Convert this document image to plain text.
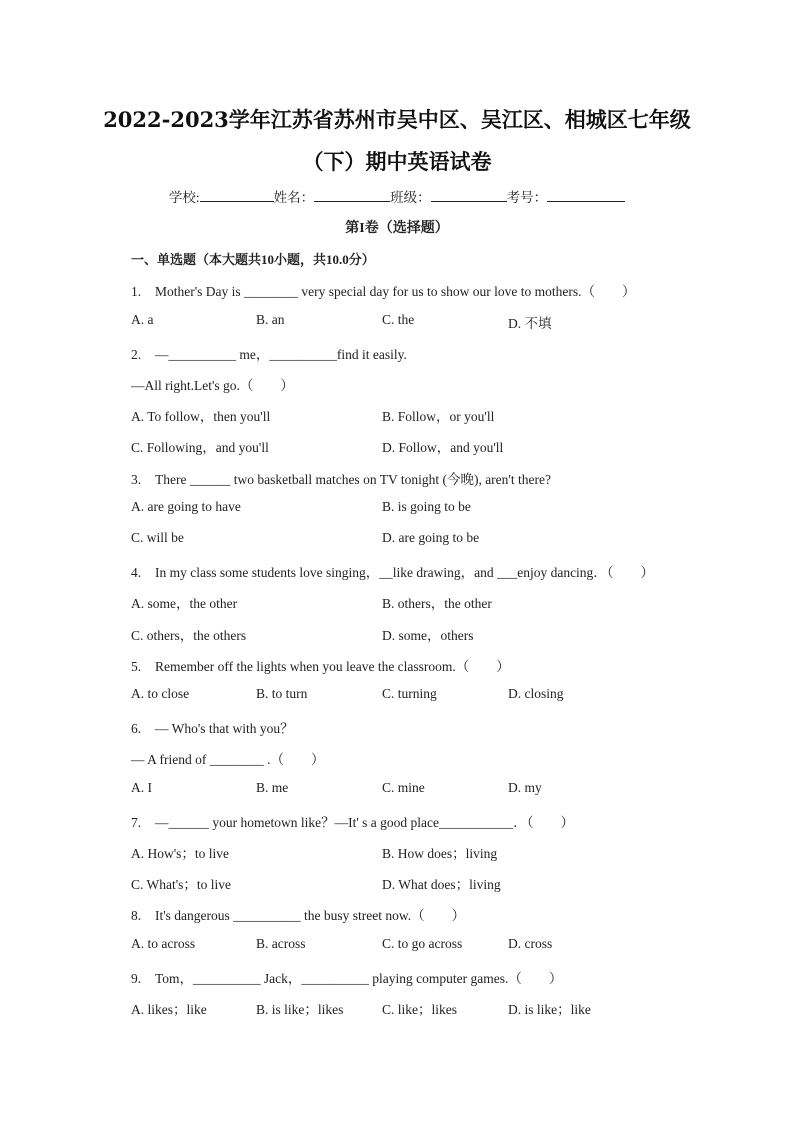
2022-2023学年江苏省苏州市吴中区、吴江区、相城区七年级
（下）期中英语试卷
学校:	姓名：	班级：	考号：
第I卷（选择题）
一、单选题（本大题共10小题，共10.0分）
1. Mother's Day is ________ very special day for us to show our love to mothers.（　　）
A. a	B. an	C. the	D. 不填
2. —__________ me，__________find it easily.
—All right.Let's go.（　　）
A. To follow，then you'll	B. Follow，or you'll
C. Following，and you'll	D. Follow，and you'll
3. There ______ two basketball matches on TV tonight (今晚), aren't there?
A. are going to have	B. is going to be
C. will be	D. are going to be
4. In my class some students love singing，__like drawing，and ___enjoy dancing．（　　）
A. some，the other	B. others，the other
C. others，the others	D. some，others
5. Remember off the lights when you leave the classroom.（　　）
A. to close	B. to turn	C. turning	D. closing
6. — Who's that with you？
— A friend of ________ .（　　）
A. I	B. me	C. mine	D. my
7. —______ your hometown like？—It' s a good place___________．（　　）
A. How's；to live	B. How does；living
C. What's；to live	D. What does；living
8. It's dangerous __________ the busy street now.（　　）
A. to across	B. across	C. to go across	D. cross
9. Tom，__________ Jack，__________ playing computer games.（　　）
A. likes；like	B. is like；likes	C. like；likes	D. is like；like
